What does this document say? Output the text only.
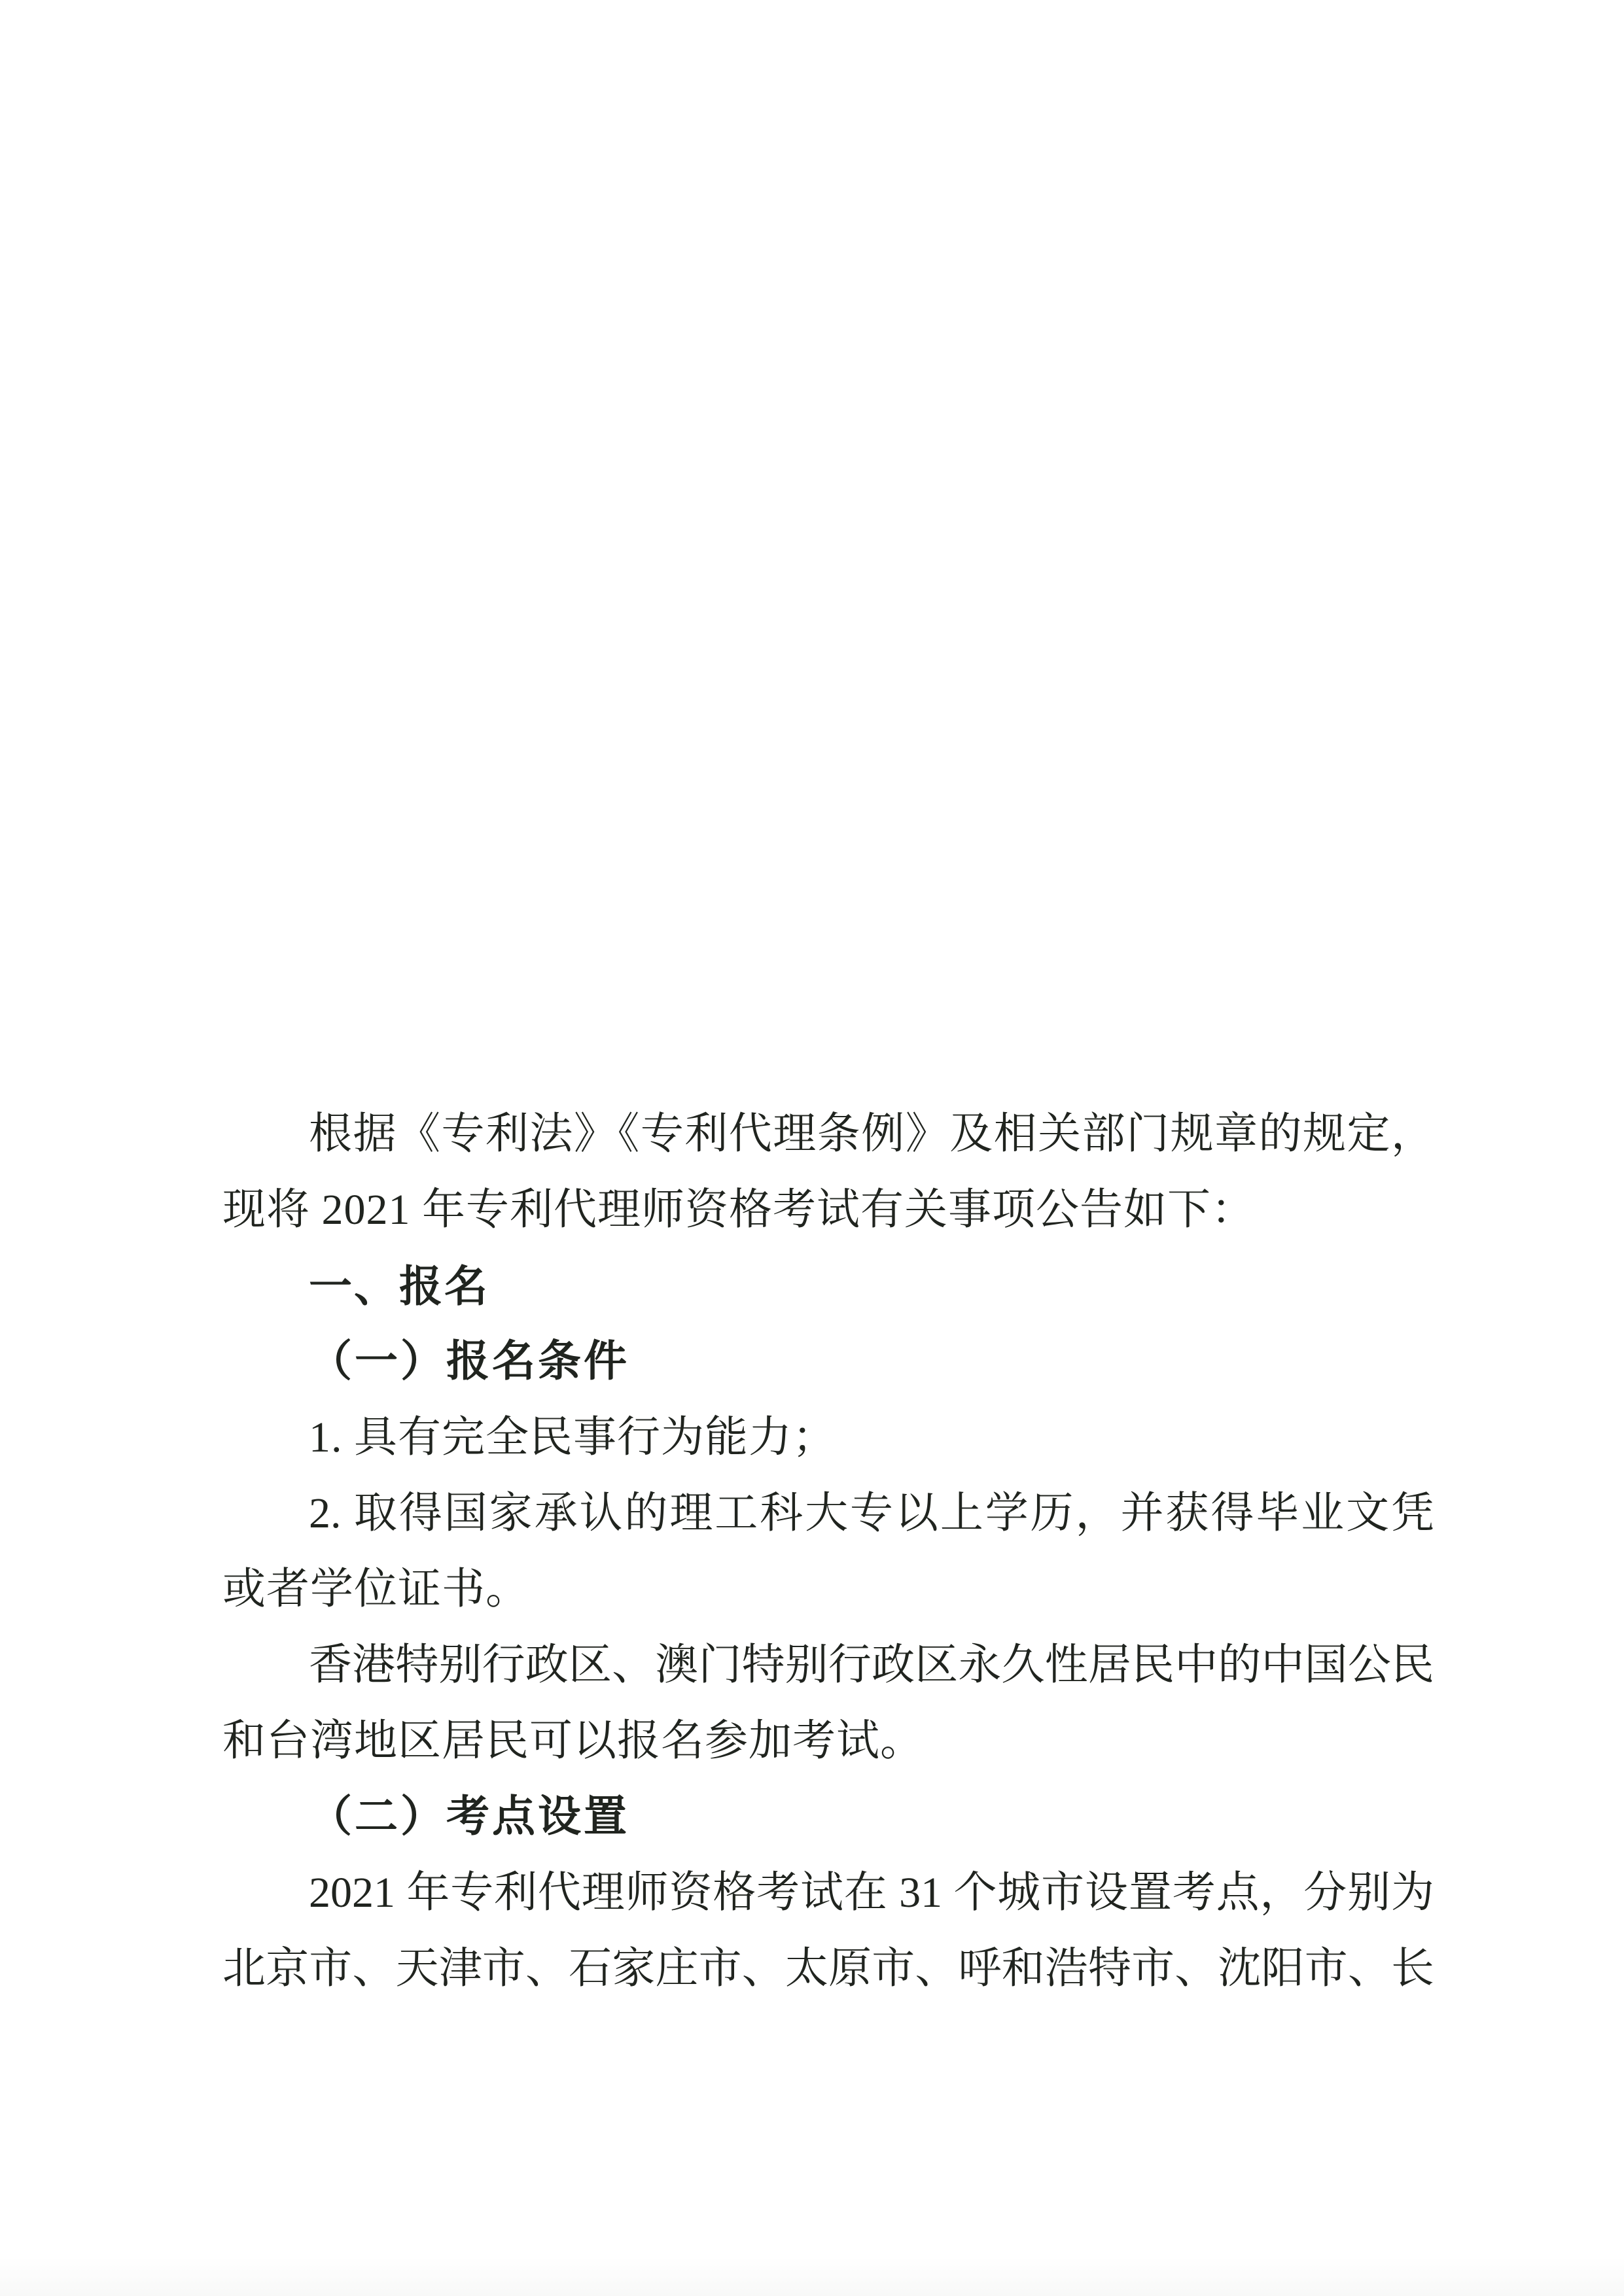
根据《专利法》《专利代理条例》及相关部门规章的规定，
现将 2021 年专利代理师资格考试有关事项公告如下：
一、报名
（一）报名条件
1. 具有完全民事行为能力；
2. 取得国家承认的理工科大专以上学历，并获得毕业文凭
或者学位证书。
香港特别行政区、澳门特别行政区永久性居民中的中国公民
和台湾地区居民可以报名参加考试。
（二）考点设置
2021 年专利代理师资格考试在 31 个城市设置考点，分别为
北京市、天津市、石家庄市、太原市、呼和浩特市、沈阳市、长
